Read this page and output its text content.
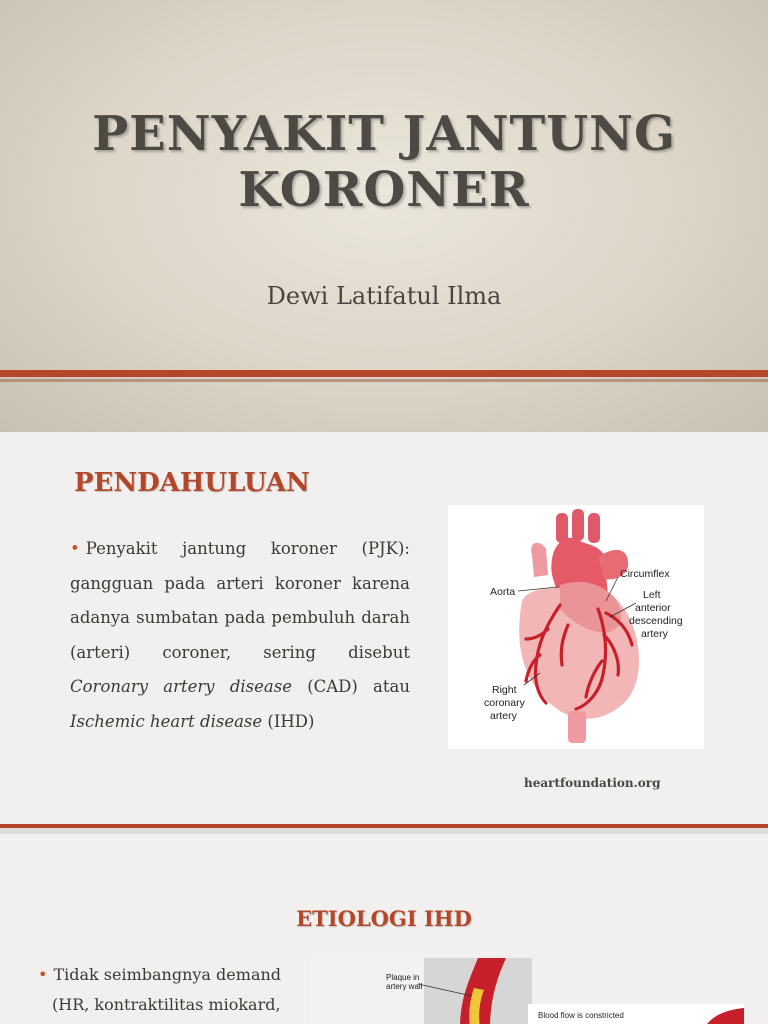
PENYAKIT JANTUNG
KORONER
Dewi Latifatul Ilma
PENDAHULUAN
• Penyakit jantung koroner (PJK): gangguan pada arteri koroner karena adanya sumbatan pada pembuluh darah (arteri) coroner, sering disebut Coronary artery disease (CAD) atau Ischemic heart disease (IHD)
Aorta
Circumflex
Left
anterior
descending
artery
Right
coronary
artery
heartfoundation.org
ETIOLOGI IHD
• Tidak seimbangnya demand
(HR, kontraktilitas miokard,
Plaque in
artery wall
Blood flow is constricted
